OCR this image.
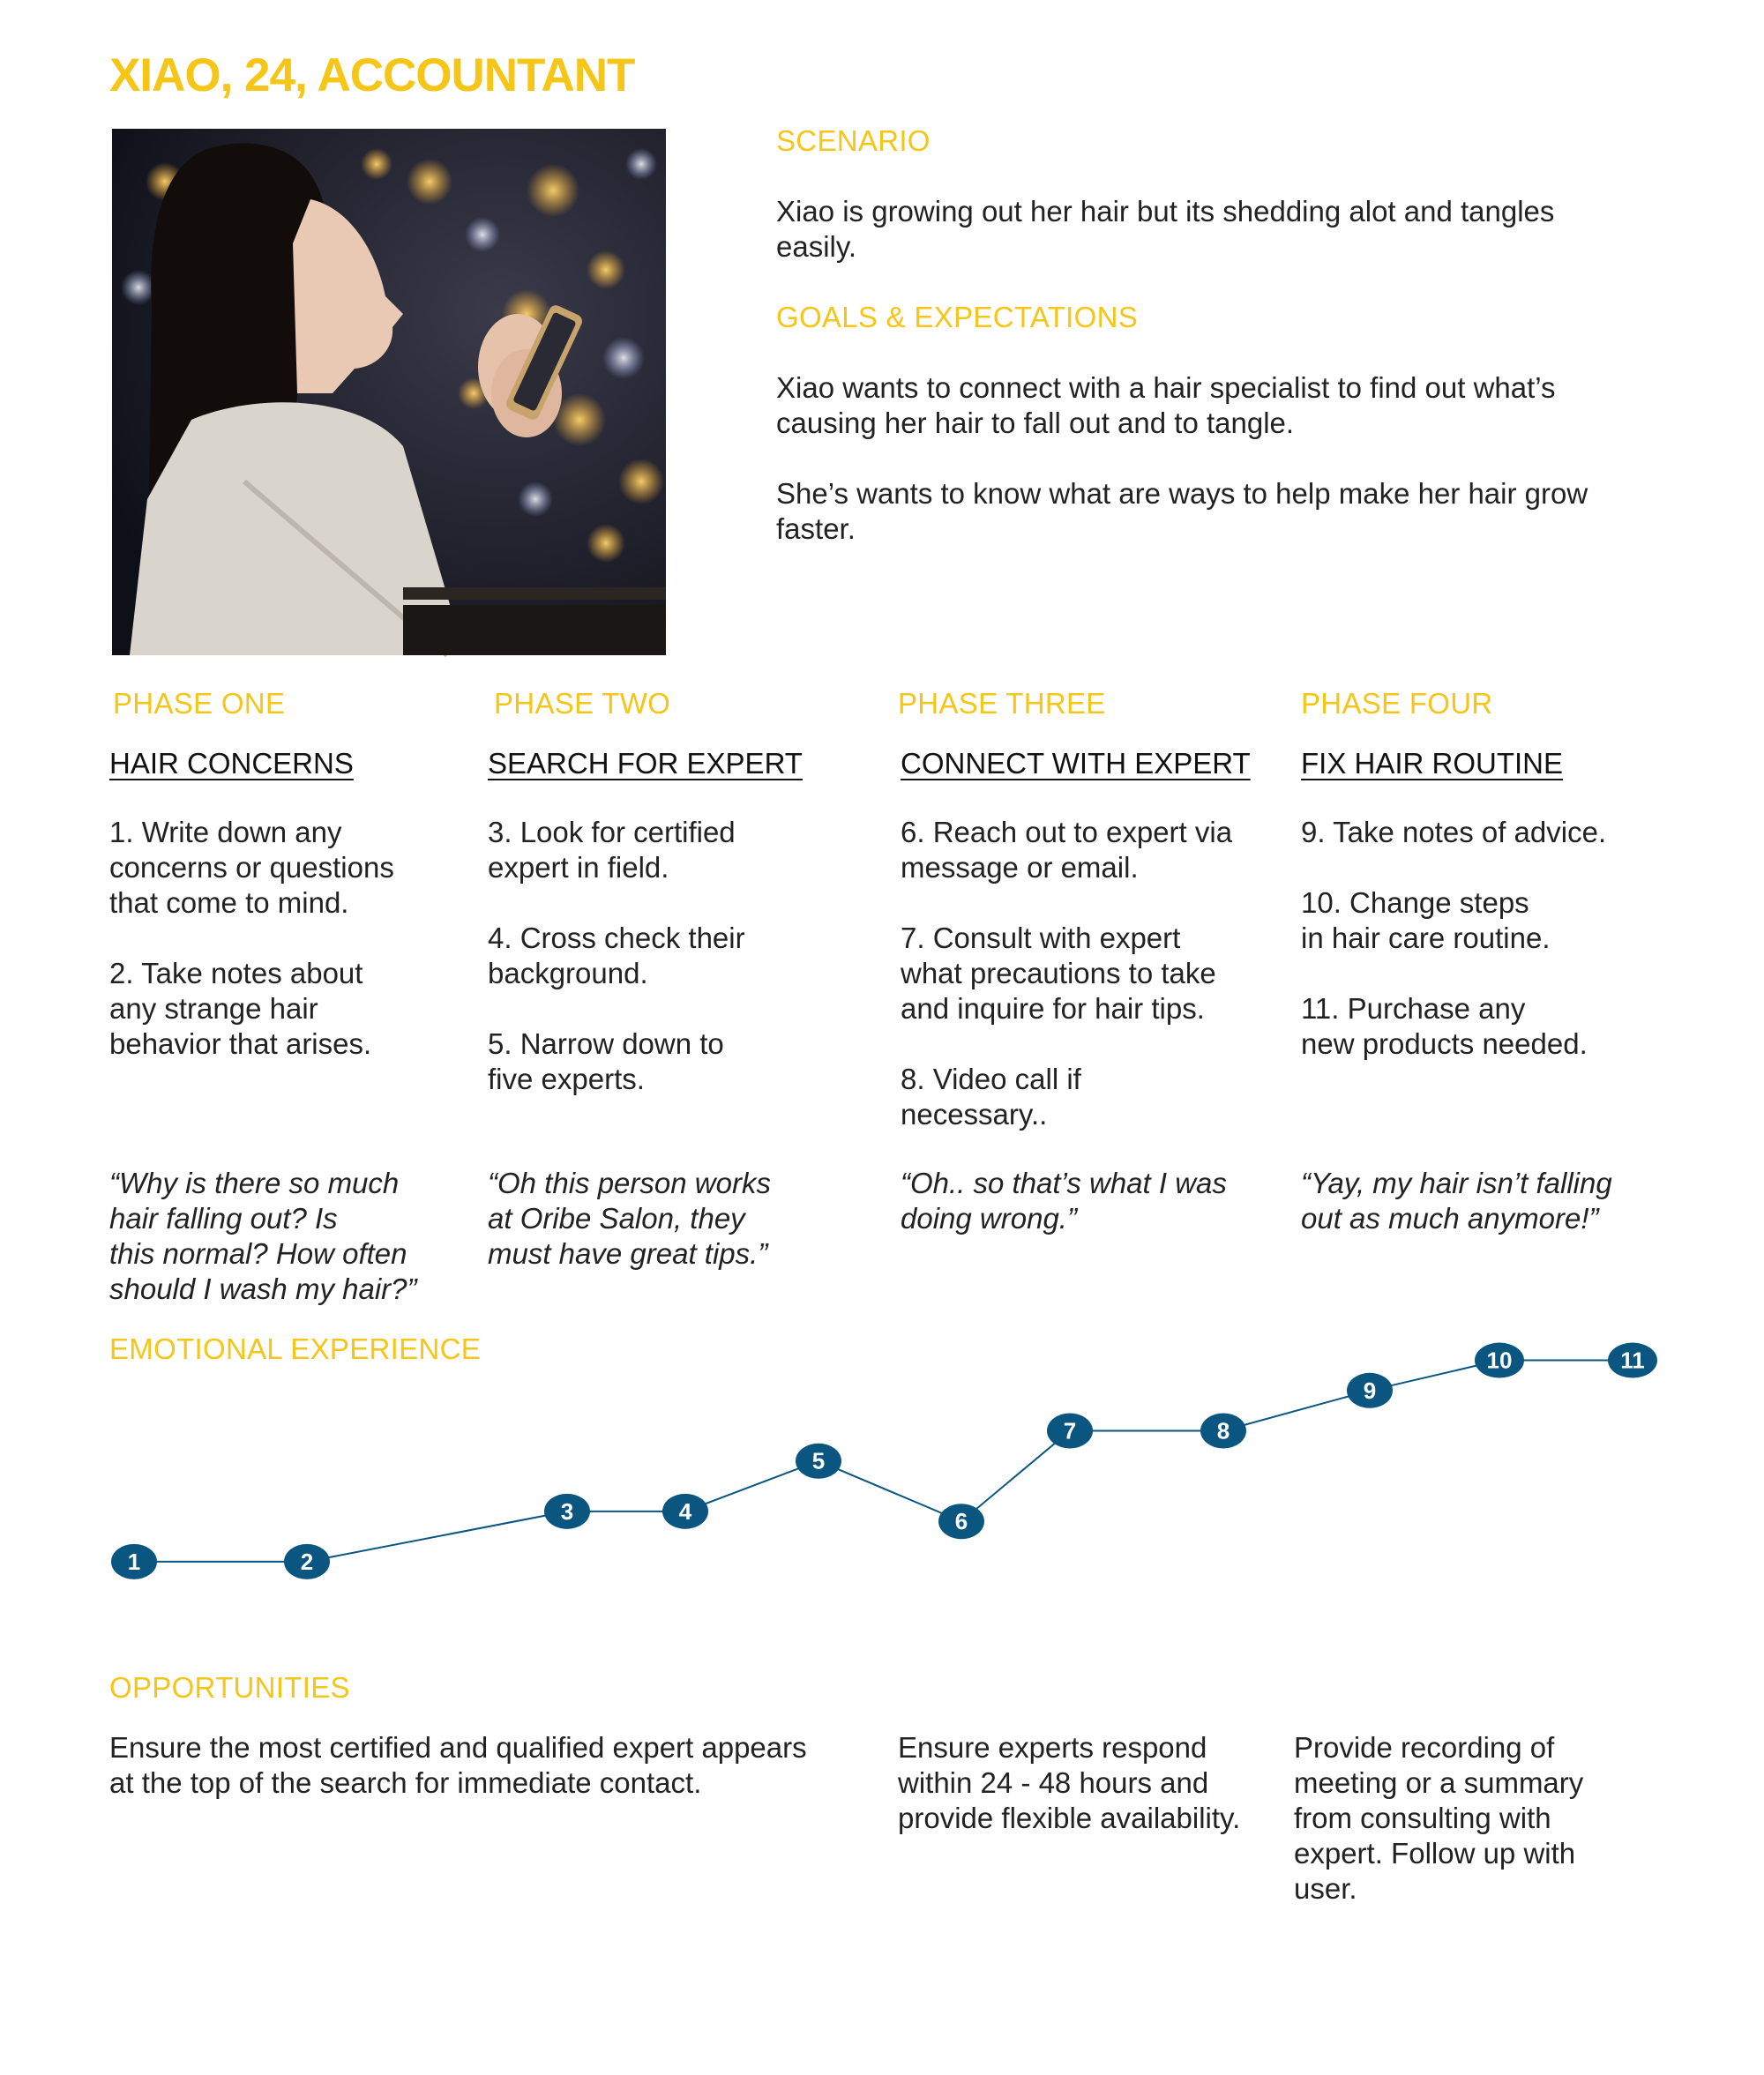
XIAO, 24, ACCOUNTANT
SCENARIO
Xiao is growing out her hair but its shedding alot and tangles
easily.
GOALS & EXPECTATIONS
Xiao wants to connect with a hair specialist to find out what’s
causing her hair to fall out and to tangle.
She’s wants to know what are ways to help make her hair grow
faster.
PHASE ONE
HAIR CONCERNS
1. Write down any
concerns or questions
that come to mind.

2. Take notes about
any strange hair
behavior that arises.
“Why is there so much
hair falling out? Is
this normal? How often
should I wash my hair?”
PHASE TWO
SEARCH FOR EXPERT
3. Look for certified
expert in field.

4. Cross check their
background.

5. Narrow down to
five experts.
“Oh this person works
at Oribe Salon, they
must have great tips.”
PHASE THREE
CONNECT WITH EXPERT
6. Reach out to expert via
message or email.

7. Consult with expert
what precautions to take
and inquire for hair tips.

8. Video call if
necessary..
“Oh.. so that’s what I was
doing wrong.”
PHASE FOUR
FIX HAIR ROUTINE
9. Take notes of advice.

10. Change steps
in hair care routine.

11. Purchase any
new products needed.
“Yay, my hair isn’t falling
out as much anymore!”
EMOTIONAL EXPERIENCE
1	2
3	4
5
6
7	8
9
10	11
OPPORTUNITIES
Ensure the most certified and qualified expert appears
at the top of the search for immediate contact.
Ensure experts respond
within 24 - 48 hours and
provide flexible availability.
Provide recording of
meeting or a summary
from consulting with
expert. Follow up with
user.
